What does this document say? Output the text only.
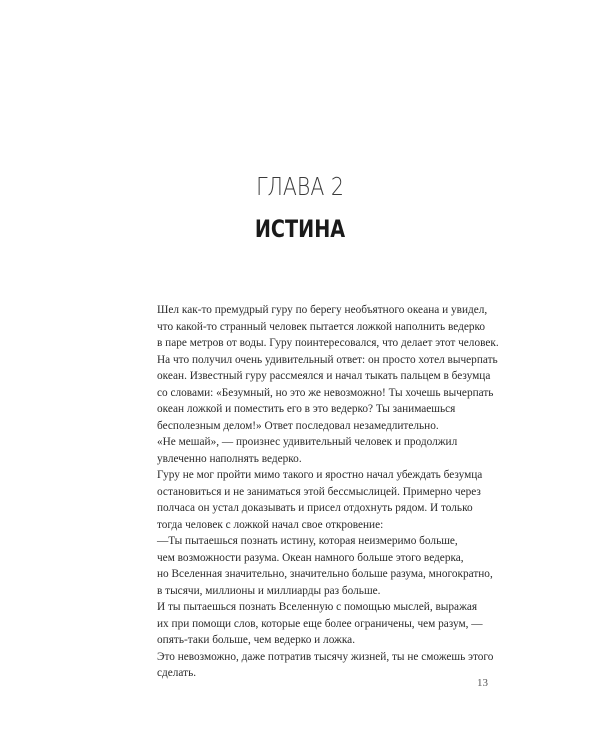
ГЛАВА 2
ИСТИНА

Шел как-то премудрый гуру по берегу необъятного океана и увидел,

что какой-то странный человек пытается ложкой наполнить ведерко

в паре метров от воды. Гуру поинтересовался, что делает этот человек.

На что получил очень удивительный ответ: он просто хотел вычерпать

океан. Известный гуру рассмеялся и начал тыкать пальцем в безумца

со словами: «Безумный, но это же невозможно! Ты хочешь вычерпать

океан ложкой и поместить его в это ведерко? Ты занимаешься

бесполезным делом!» Ответ последовал незамедлительно.

«Не мешай», — произнес удивительный человек и продолжил

увлеченно наполнять ведерко.

Гуру не мог пройти мимо такого и яростно начал убеждать безумца

остановиться и не заниматься этой бессмыслицей. Примерно через

полчаса он устал доказывать и присел отдохнуть рядом. И только

тогда человек с ложкой начал свое откровение:

—Ты пытаешься познать истину, которая неизмеримо больше,

чем возможности разума. Океан намного больше этого ведерка,

но Вселенная значительно, значительно больше разума, многократно,

в тысячи, миллионы и миллиарды раз больше.

И ты пытаешься познать Вселенную с помощью мыслей, выражая

их при помощи слов, которые еще более ограничены, чем разум, —

опять-таки больше, чем ведерко и ложка.

Это невозможно, даже потратив тысячу жизней, ты не сможешь этого

сделать.

13
